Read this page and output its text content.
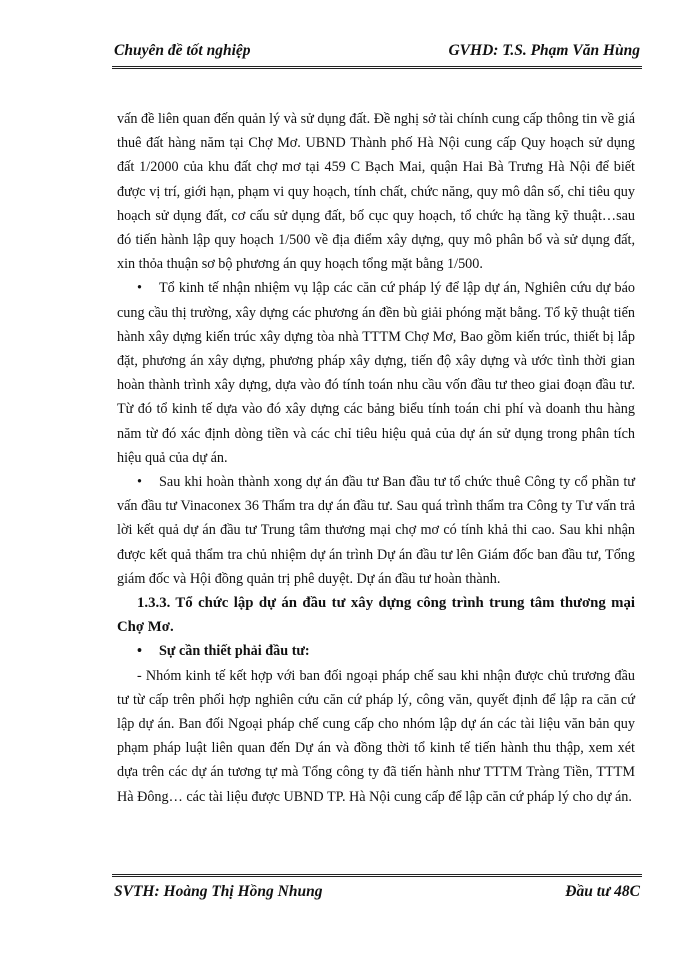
Chuyên đề tốt nghiệp	GVHD: T.S. Phạm Văn Hùng

vấn đề liên quan đến quản lý và sử dụng đất. Đề nghị sở tài chính cung cấp thông tin về giá thuê đất hàng năm tại Chợ Mơ. UBND Thành phố Hà Nội cung cấp Quy hoạch sử dụng đất 1/2000 của khu đất chợ mơ tại 459 C Bạch Mai, quận Hai Bà Trưng Hà Nội để biết được vị trí, giới hạn, phạm vi quy hoạch, tính chất, chức năng, quy mô dân số, chỉ tiêu quy hoạch sử dụng đất, cơ cấu sử dụng đất, bố cục quy hoạch, tổ chức hạ tầng kỹ thuật…sau đó tiến hành lập quy hoạch 1/500 về địa điểm xây dựng, quy mô phân bổ và sử dụng đất, xin thỏa thuận sơ bộ phương án quy hoạch tổng mặt bằng 1/500.

• Tổ kinh tế nhận nhiệm vụ lập các căn cứ pháp lý để lập dự án, Nghiên cứu dự báo cung cầu thị trường, xây dựng các phương án đền bù giải phóng mặt bằng. Tổ kỹ thuật tiến hành xây dựng kiến trúc xây dựng tòa nhà TTTM Chợ Mơ, Bao gồm kiến trúc, thiết bị lắp đặt, phương án xây dựng, phương pháp xây dựng, tiến độ xây dựng và ước tình thời gian hoàn thành trình xây dựng, dựa vào đó tính toán nhu cầu vốn đầu tư theo giai đoạn đầu tư. Từ đó tổ kinh tế dựa vào đó xây dựng các bảng biểu tính toán chi phí và doanh thu hàng năm từ đó xác định dòng tiền và các chỉ tiêu hiệu quả của dự án sử dụng trong phân tích hiệu quả của dự án.

• Sau khi hoàn thành xong dự án đầu tư Ban đầu tư tổ chức thuê Công ty cổ phần tư vấn đầu tư Vinaconex 36 Thẩm tra dự án đầu tư. Sau quá trình thẩm tra Công ty Tư vấn trả lời kết quả dự án đầu tư Trung tâm thương mại chợ mơ có tính khả thi cao. Sau khi nhận được kết quả thẩm tra chủ nhiệm dự án trình Dự án đầu tư lên Giám đốc ban đầu tư, Tổng giám đốc và Hội đồng quản trị phê duyệt. Dự án đầu tư hoàn thành.

1.3.3. Tổ chức lập dự án đầu tư xây dựng công trình trung tâm thương mại Chợ Mơ.

• Sự cần thiết phải đầu tư:

- Nhóm kinh tế kết hợp với ban đối ngoại pháp chế sau khi nhận được chủ trương đầu tư từ cấp trên phối hợp nghiên cứu căn cứ pháp lý, công văn, quyết định để lập ra căn cứ lập dự án. Ban đối Ngoại pháp chế cung cấp cho nhóm lập dự án các tài liệu văn bản quy phạm pháp luật liên quan đến Dự án và đồng thời tổ kinh tế tiến hành thu thập, xem xét dựa trên các dự án tương tự mà Tổng công ty đã tiến hành như TTTM Tràng Tiền, TTTM Hà Đông… các tài liệu được UBND TP. Hà Nội cung cấp để lập căn cứ pháp lý cho dự án.

SVTH: Hoàng Thị Hồng Nhung	Đầu tư 48C
